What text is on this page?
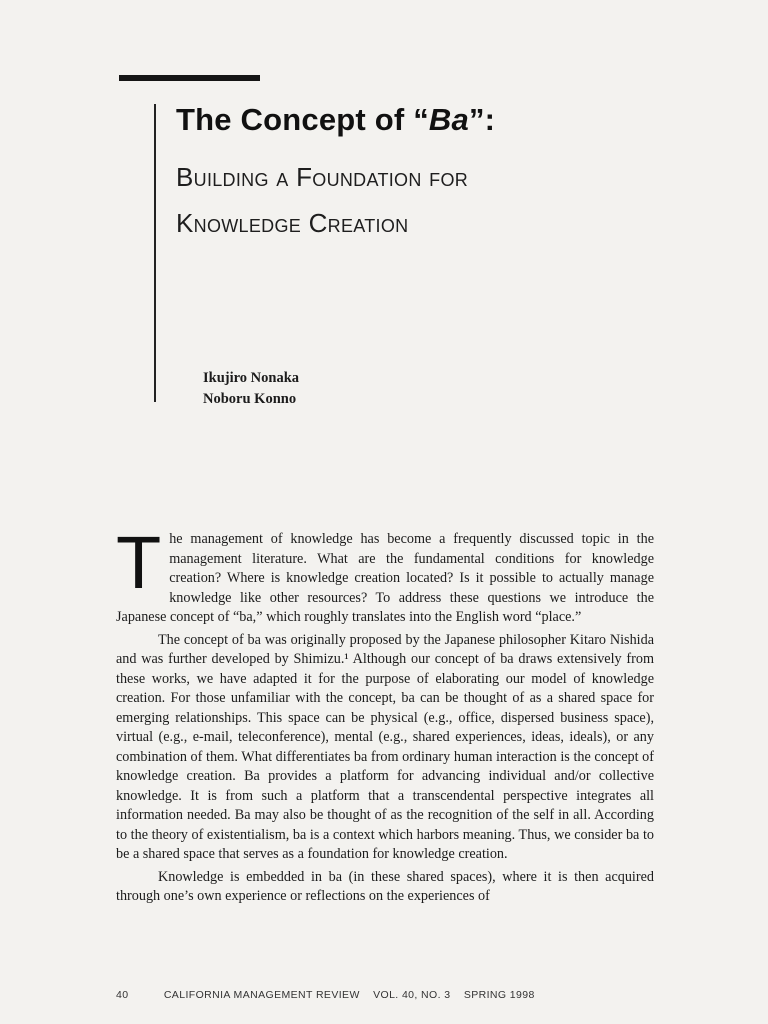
The Concept of “Ba”:
Building a Foundation for
Knowledge Creation
Ikujiro Nonaka
Noboru Konno

The management of knowledge has become a frequently discussed topic in the management literature. What are the fundamental conditions for knowledge creation? Where is knowledge creation located? Is it possible to actually manage knowledge like other resources? To address these questions we introduce the Japanese concept of “ba,” which roughly translates into the English word “place.”

The concept of ba was originally proposed by the Japanese philosopher Kitaro Nishida and was further developed by Shimizu.¹ Although our concept of ba draws extensively from these works, we have adapted it for the purpose of elaborating our model of knowledge creation. For those unfamiliar with the concept, ba can be thought of as a shared space for emerging relationships. This space can be physical (e.g., office, dispersed business space), virtual (e.g., e-mail, teleconference), mental (e.g., shared experiences, ideas, ideals), or any combination of them. What differentiates ba from ordinary human interaction is the concept of knowledge creation. Ba provides a platform for advancing individual and/or collective knowledge. It is from such a platform that a transcendental perspective integrates all information needed. Ba may also be thought of as the recognition of the self in all. According to the theory of existentialism, ba is a context which harbors meaning. Thus, we consider ba to be a shared space that serves as a foundation for knowledge creation.

Knowledge is embedded in ba (in these shared spaces), where it is then acquired through one’s own experience or reflections on the experiences of

40	CALIFORNIA MANAGEMENT REVIEW VOL. 40, NO. 3 SPRING 1998
